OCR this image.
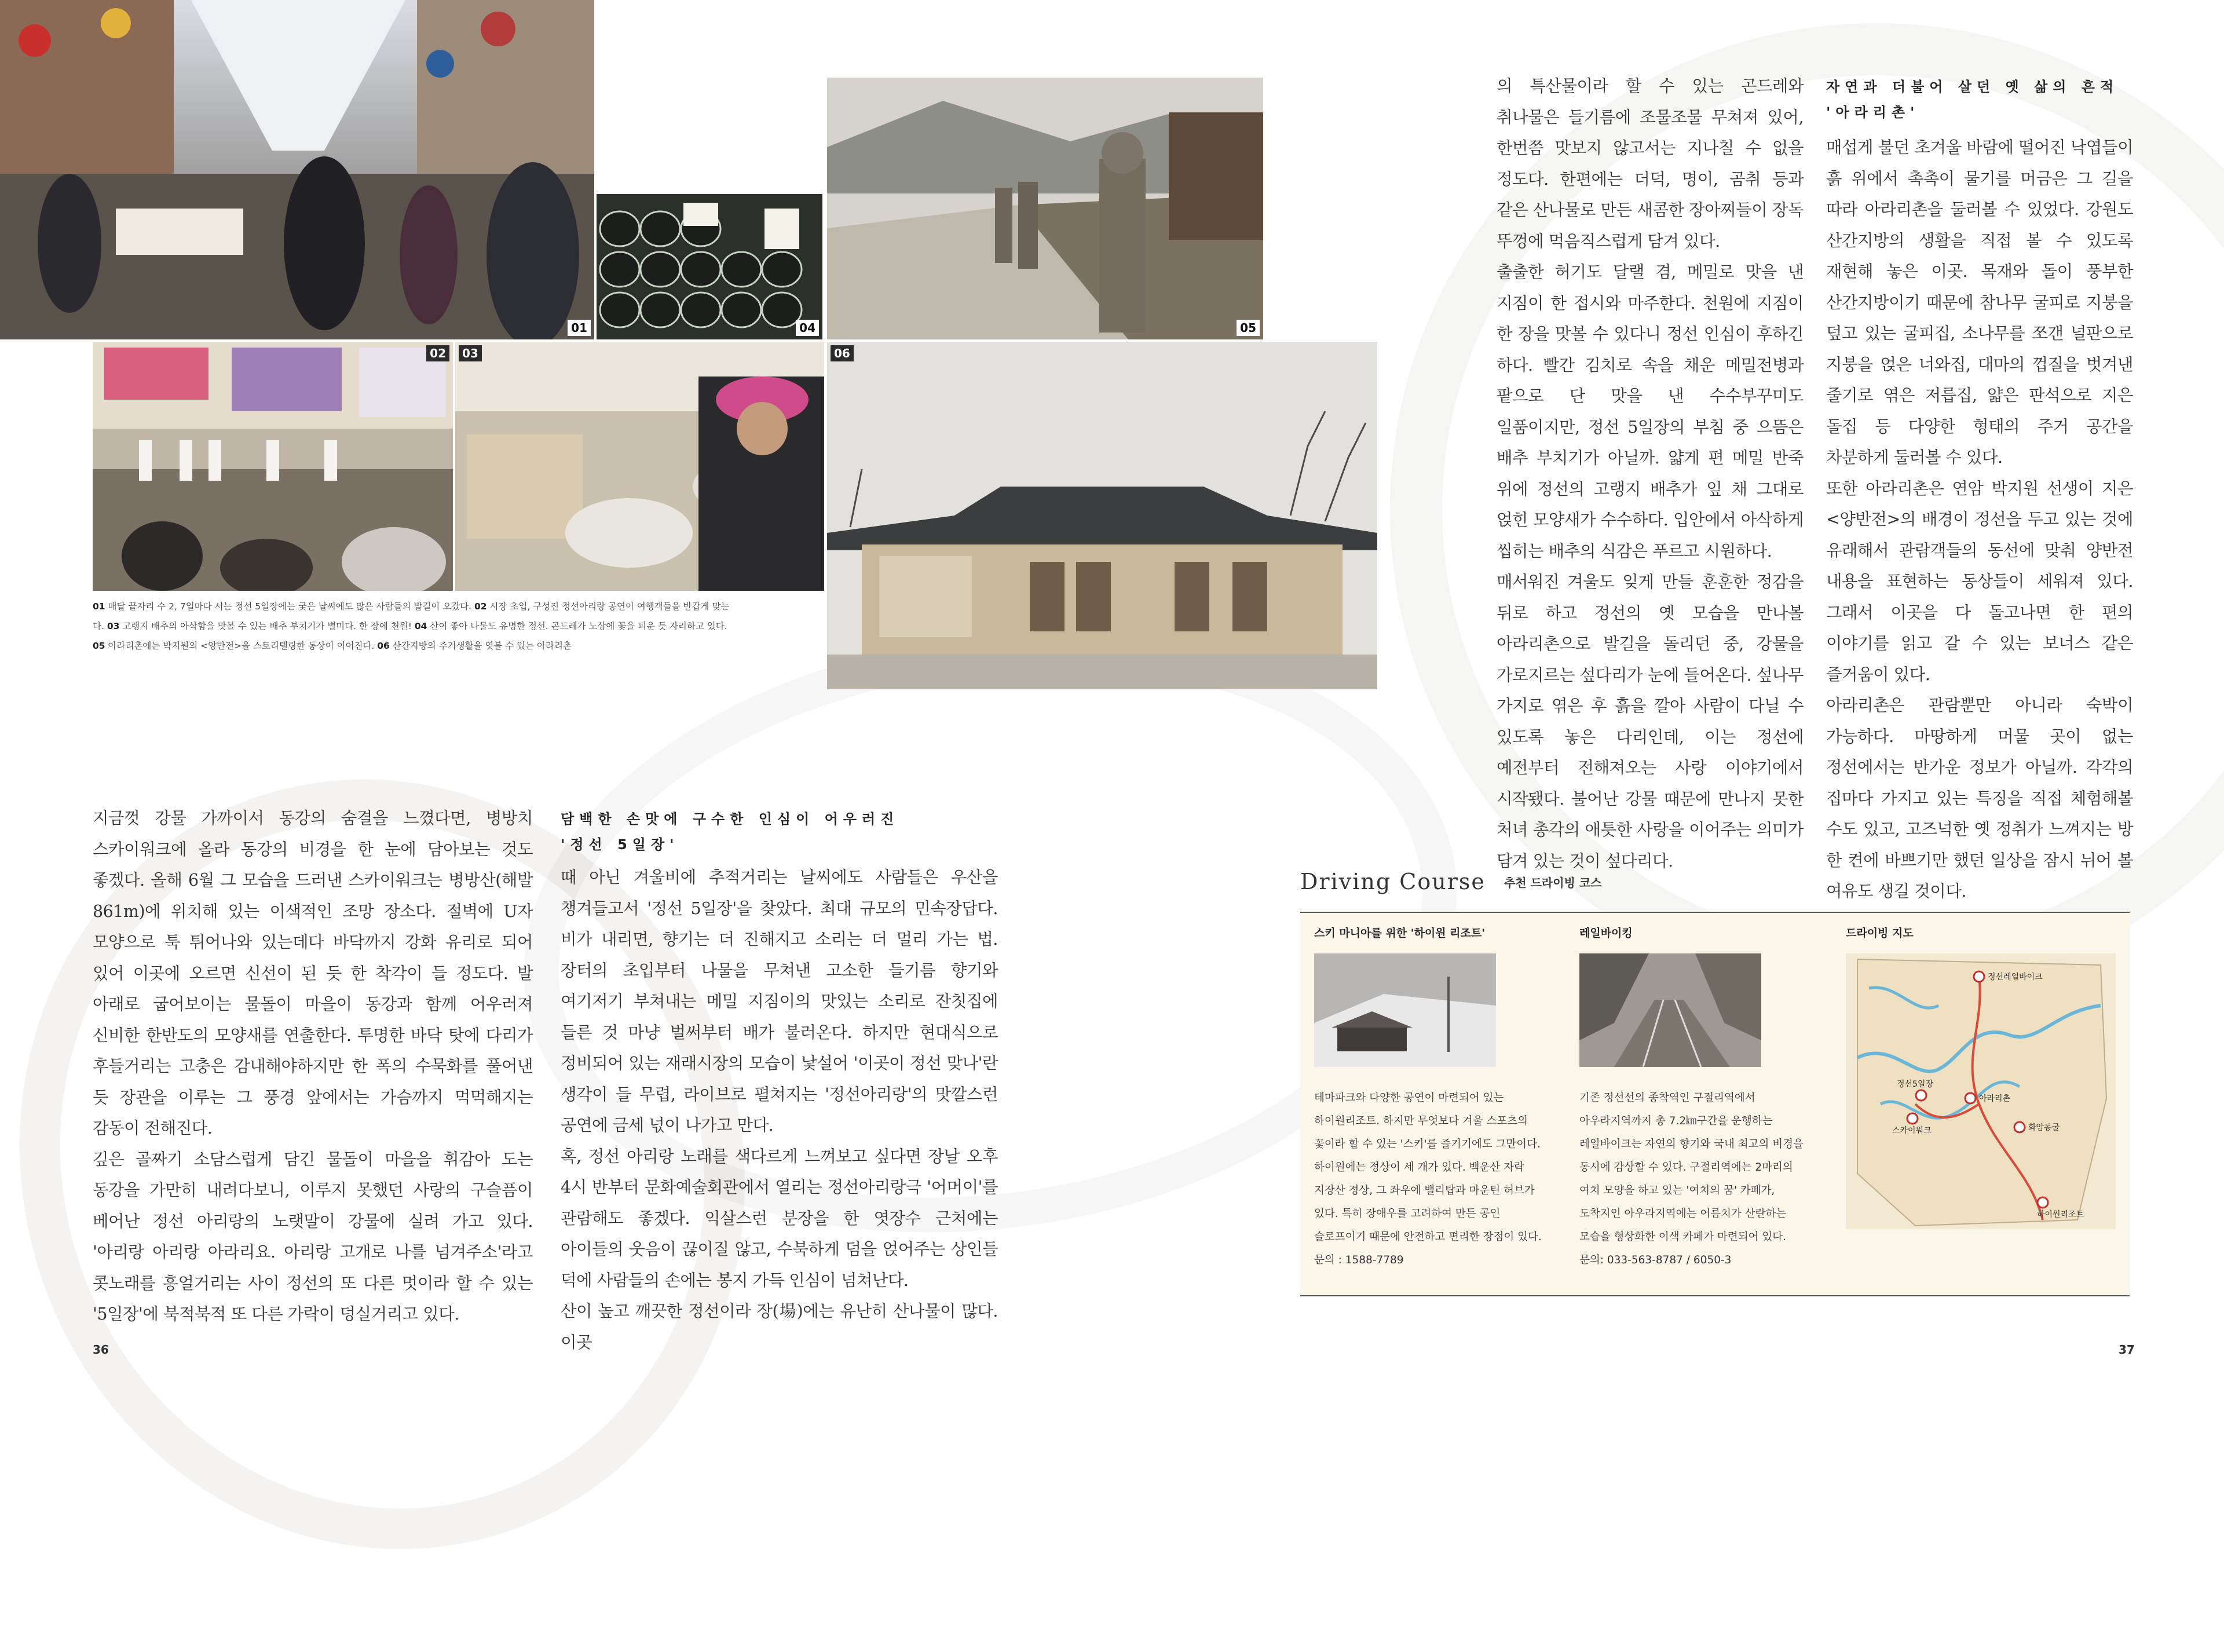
01	04	05
02	03	06
01 매달 끝자리 수 2, 7일마다 서는 정선 5일장에는 궂은 날씨에도 많은 사람들의 발길이 오갔다. 02 시장 초입, 구성진 정선아리랑 공연이 여행객들을 반갑게 맞는다. 03 고랭지 배추의 아삭함을 맛볼 수 있는 배추 부치기가 별미다. 한 장에 천원! 04 산이 좋아 나물도 유명한 정선. 곤드레가 노상에 꽃을 피운 듯 자리하고 있다. 05 아라리촌에는 박지원의 <양반전>을 스토리텔링한 동상이 이어진다. 06 산간지방의 주거생활을 엿볼 수 있는 아라리촌

지금껏 강물 가까이서 동강의 숨결을 느꼈다면, 병방치 스카이워크에 올라 동강의 비경을 한 눈에 담아보는 것도 좋겠다. 올해 6월 그 모습을 드러낸 스카이워크는 병방산(해발 861m)에 위치해 있는 이색적인 조망 장소다. 절벽에 U자 모양으로 툭 튀어나와 있는데다 바닥까지 강화 유리로 되어 있어 이곳에 오르면 신선이 된 듯 한 착각이 들 정도다. 발 아래로 굽어보이는 물돌이 마을이 동강과 함께 어우러져 신비한 한반도의 모양새를 연출한다. 투명한 바닥 탓에 다리가 후들거리는 고충은 감내해야하지만 한 폭의 수묵화를 풀어낸 듯 장관을 이루는 그 풍경 앞에서는 가슴까지 먹먹해지는 감동이 전해진다.

깊은 골짜기 소담스럽게 담긴 물돌이 마을을 휘감아 도는 동강을 가만히 내려다보니, 이루지 못했던 사랑의 구슬픔이 베어난 정선 아리랑의 노랫말이 강물에 실려 가고 있다. '아리랑 아리랑 아라리요. 아리랑 고개로 나를 넘겨주소'라고 콧노래를 흥얼거리는 사이 정선의 또 다른 멋이라 할 수 있는 '5일장'에 북적북적 또 다른 가락이 덩실거리고 있다.

담백한 손맛에 구수한 인심이 어우러진
'정선 5일장'

때 아닌 겨울비에 추적거리는 날씨에도 사람들은 우산을 챙겨들고서 '정선 5일장'을 찾았다. 최대 규모의 민속장답다. 비가 내리면, 향기는 더 진해지고 소리는 더 멀리 가는 법. 장터의 초입부터 나물을 무쳐낸 고소한 들기름 향기와 여기저기 부쳐내는 메밀 지짐이의 맛있는 소리로 잔칫집에 들른 것 마냥 벌써부터 배가 불러온다. 하지만 현대식으로 정비되어 있는 재래시장의 모습이 낯설어 '이곳이 정선 맞나'란 생각이 들 무렵, 라이브로 펼쳐지는 '정선아리랑'의 맛깔스런 공연에 금세 넋이 나가고 만다.

혹, 정선 아리랑 노래를 색다르게 느껴보고 싶다면 장날 오후 4시 반부터 문화예술회관에서 열리는 정선아리랑극 '어머이'를 관람해도 좋겠다. 익살스런 분장을 한 엿장수 근처에는 아이들의 웃음이 끊이질 않고, 수북하게 덤을 얹어주는 상인들 덕에 사람들의 손에는 봉지 가득 인심이 넘쳐난다.

산이 높고 깨끗한 정선이라 장(場)에는 유난히 산나물이 많다. 이곳

36

의 특산물이라 할 수 있는 곤드레와 취나물은 들기름에 조물조물 무쳐져 있어, 한번쯤 맛보지 않고서는 지나칠 수 없을 정도다. 한편에는 더덕, 명이, 곰취 등과 같은 산나물로 만든 새콤한 장아찌들이 장독 뚜껑에 먹음직스럽게 담겨 있다.

출출한 허기도 달랠 겸, 메밀로 맛을 낸 지짐이 한 접시와 마주한다. 천원에 지짐이 한 장을 맛볼 수 있다니 정선 인심이 후하긴 하다. 빨간 김치로 속을 채운 메밀전병과 팥으로 단 맛을 낸 수수부꾸미도 일품이지만, 정선 5일장의 부침 중 으뜸은 배추 부치기가 아닐까. 얇게 편 메밀 반죽 위에 정선의 고랭지 배추가 잎 채 그대로 얹힌 모양새가 수수하다. 입안에서 아삭하게 씹히는 배추의 식감은 푸르고 시원하다.

매서워진 겨울도 잊게 만들 훈훈한 정감을 뒤로 하고 정선의 옛 모습을 만나볼 아라리촌으로 발길을 돌리던 중, 강물을 가로지르는 섶다리가 눈에 들어온다. 섶나무 가지로 엮은 후 흙을 깔아 사람이 다닐 수 있도록 놓은 다리인데, 이는 정선에 예전부터 전해져오는 사랑 이야기에서 시작됐다. 불어난 강물 때문에 만나지 못한 처녀 총각의 애틋한 사랑을 이어주는 의미가 담겨 있는 것이 섶다리다.

자연과 더불어 살던 옛 삶의 흔적
'아라리촌'

매섭게 불던 초겨울 바람에 떨어진 낙엽들이 흙 위에서 촉촉이 물기를 머금은 그 길을 따라 아라리촌을 둘러볼 수 있었다. 강원도 산간지방의 생활을 직접 볼 수 있도록 재현해 놓은 이곳. 목재와 돌이 풍부한 산간지방이기 때문에 참나무 굴피로 지붕을 덮고 있는 굴피집, 소나무를 쪼갠 널판으로 지붕을 얹은 너와집, 대마의 껍질을 벗겨낸 줄기로 엮은 저릅집, 얇은 판석으로 지은 돌집 등 다양한 형태의 주거 공간을 차분하게 둘러볼 수 있다.

또한 아라리촌은 연암 박지원 선생이 지은 <양반전>의 배경이 정선을 두고 있는 것에 유래해서 관람객들의 동선에 맞춰 양반전 내용을 표현하는 동상들이 세워져 있다. 그래서 이곳을 다 돌고나면 한 편의 이야기를 읽고 갈 수 있는 보너스 같은 즐거움이 있다.

아라리촌은 관람뿐만 아니라 숙박이 가능하다. 마땅하게 머물 곳이 없는 정선에서는 반가운 정보가 아닐까. 각각의 집마다 가지고 있는 특징을 직접 체험해볼 수도 있고, 고즈넉한 옛 정취가 느껴지는 방 한 켠에 바쁘기만 했던 일상을 잠시 뉘어 볼 여유도 생길 것이다.

Driving Course 추천 드라이빙 코스
스키 마니아를 위한 '하이원 리조트'
테마파크와 다양한 공연이 마련되어 있는
하이원리조트. 하지만 무엇보다 겨울 스포츠의
꽃이라 할 수 있는 '스키'를 즐기기에도 그만이다.
하이원에는 정상이 세 개가 있다. 백운산 자락
지장산 정상, 그 좌우에 밸리탑과 마운틴 허브가
있다. 특히 장애우를 고려하여 만든 공인
슬로프이기 때문에 안전하고 편리한 장점이 있다.
문의 : 1588-7789
레일바이킹
기존 정선선의 종착역인 구절리역에서
아우라지역까지 총 7.2㎞구간을 운행하는
레일바이크는 자연의 향기와 국내 최고의 비경을
동시에 감상할 수 있다. 구절리역에는 2마리의
여치 모양을 하고 있는 '여치의 꿈' 카페가,
도착지인 아우라지역에는 어름치가 산란하는
모습을 형상화한 이색 카페가 마련되어 있다.
문의: 033-563-8787 / 6050-3
드라이빙 지도
정선레일바이크
정선5일장
아라리촌
화암동굴
스카이워크
하이원리조트
37
